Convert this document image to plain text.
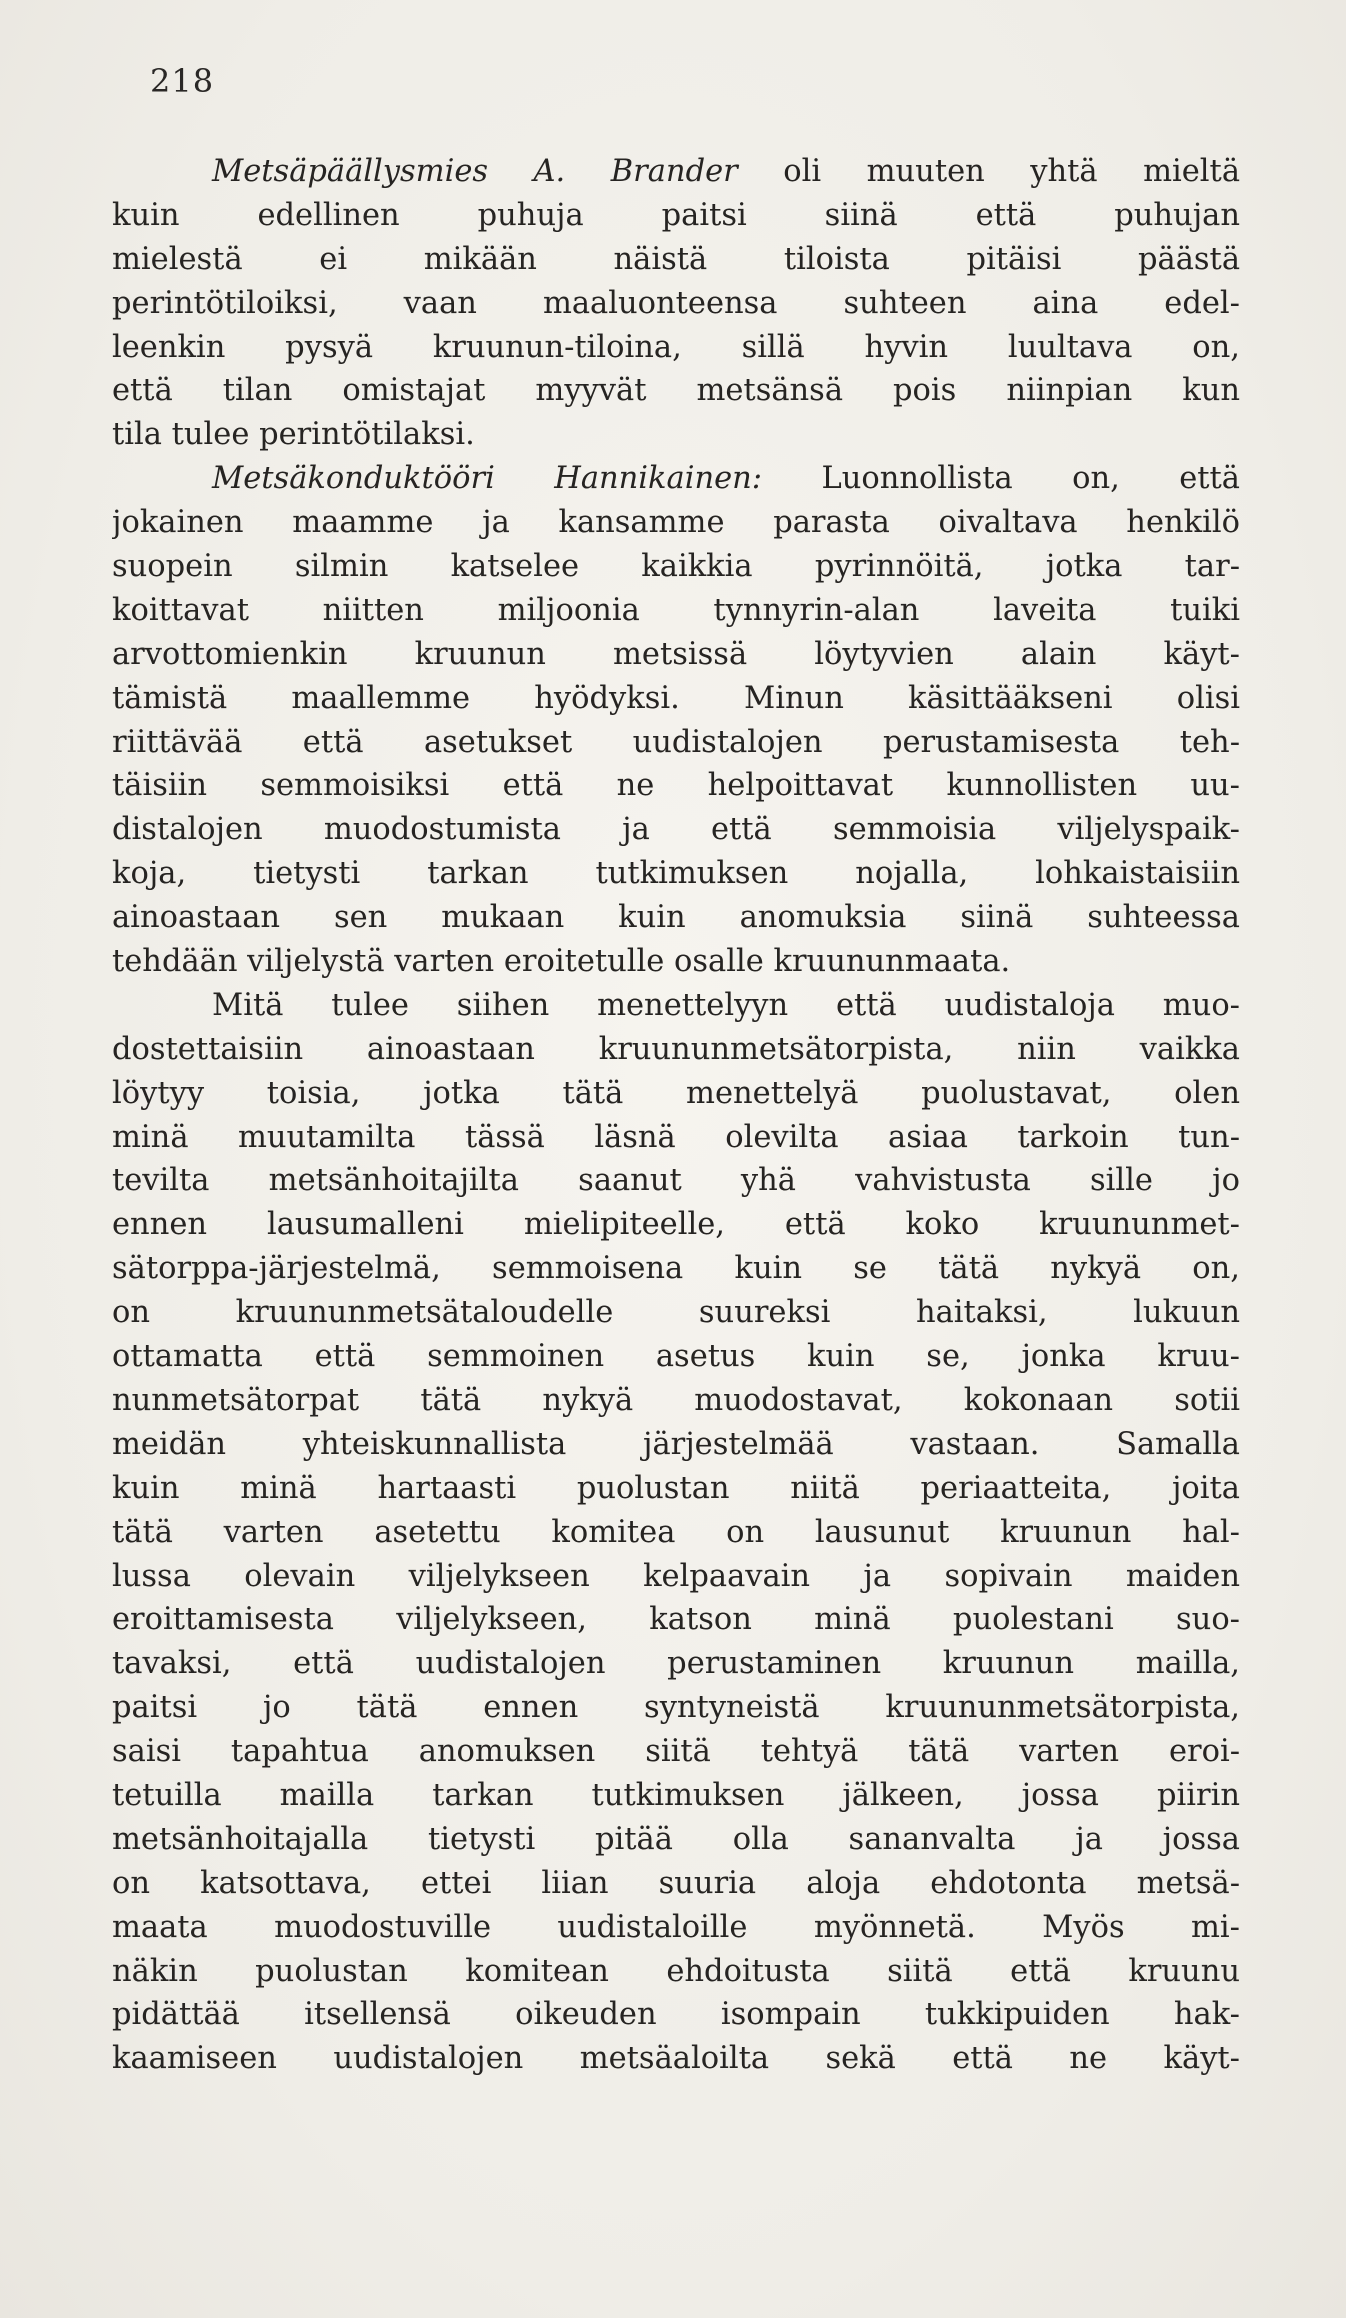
218
Metsäpäällysmies A. Brander oli muuten yhtä mieltä
kuin edellinen puhuja paitsi siinä että puhujan
mielestä ei mikään näistä tiloista pitäisi päästä
perintötiloiksi, vaan maaluonteensa suhteen aina edel-
leenkin pysyä kruunun-tiloina, sillä hyvin luultava on,
että tilan omistajat myyvät metsänsä pois niinpian kun
tila tulee perintötilaksi.
Metsäkonduktööri Hannikainen: Luonnollista on, että
jokainen maamme ja kansamme parasta oivaltava henkilö
suopein silmin katselee kaikkia pyrinnöitä, jotka tar-
koittavat niitten miljoonia tynnyrin-alan laveita tuiki
arvottomienkin kruunun metsissä löytyvien alain käyt-
tämistä maallemme hyödyksi. Minun käsittääkseni olisi
riittävää että asetukset uudistalojen perustamisesta teh-
täisiin semmoisiksi että ne helpoittavat kunnollisten uu-
distalojen muodostumista ja että semmoisia viljelyspaik-
koja, tietysti tarkan tutkimuksen nojalla, lohkaistaisiin
ainoastaan sen mukaan kuin anomuksia siinä suhteessa
tehdään viljelystä varten eroitetulle osalle kruununmaata.
Mitä tulee siihen menettelyyn että uudistaloja muo-
dostettaisiin ainoastaan kruununmetsätorpista, niin vaikka
löytyy toisia, jotka tätä menettelyä puolustavat, olen
minä muutamilta tässä läsnä olevilta asiaa tarkoin tun-
tevilta metsänhoitajilta saanut yhä vahvistusta sille jo
ennen lausumalleni mielipiteelle, että koko kruununmet-
sätorppa-järjestelmä, semmoisena kuin se tätä nykyä on,
on kruununmetsätaloudelle suureksi haitaksi, lukuun
ottamatta että semmoinen asetus kuin se, jonka kruu-
nunmetsätorpat tätä nykyä muodostavat, kokonaan sotii
meidän yhteiskunnallista järjestelmää vastaan. Samalla
kuin minä hartaasti puolustan niitä periaatteita, joita
tätä varten asetettu komitea on lausunut kruunun hal-
lussa olevain viljelykseen kelpaavain ja sopivain maiden
eroittamisesta viljelykseen, katson minä puolestani suo-
tavaksi, että uudistalojen perustaminen kruunun mailla,
paitsi jo tätä ennen syntyneistä kruununmetsätorpista,
saisi tapahtua anomuksen siitä tehtyä tätä varten eroi-
tetuilla mailla tarkan tutkimuksen jälkeen, jossa piirin
metsänhoitajalla tietysti pitää olla sananvalta ja jossa
on katsottava, ettei liian suuria aloja ehdotonta metsä-
maata muodostuville uudistaloille myönnetä. Myös mi-
näkin puolustan komitean ehdoitusta siitä että kruunu
pidättää itsellensä oikeuden isompain tukkipuiden hak-
kaamiseen uudistalojen metsäaloilta sekä että ne käyt-
